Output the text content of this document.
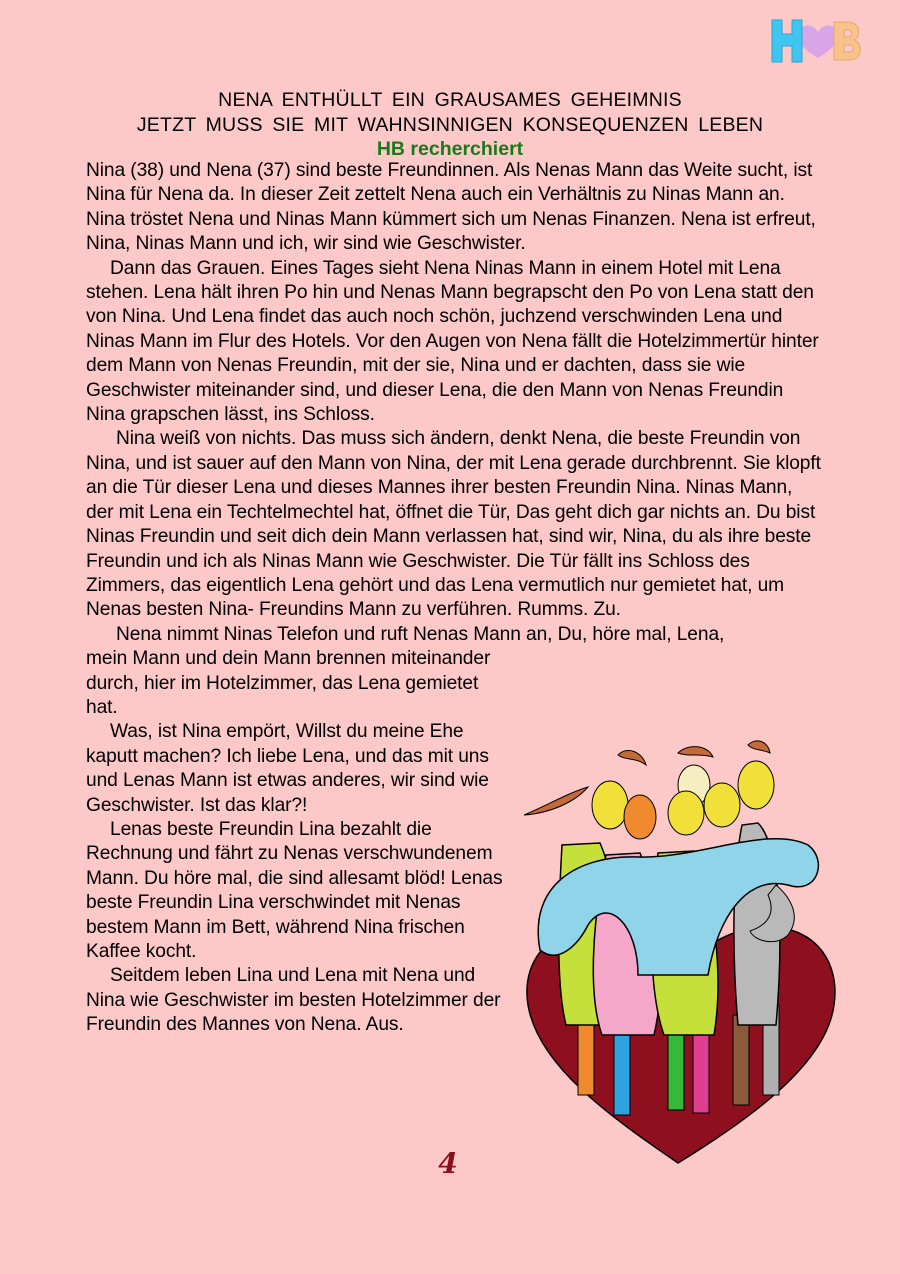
NENA ENTHÜLLT EIN GRAUSAMES GEHEIMNIS
JETZT MUSS SIE MIT WAHNSINNIGEN KONSEQUENZEN LEBEN
HB recherchiert

Nina (38) und Nena (37) sind beste Freundinnen. Als Nenas Mann das Weite sucht, ist Nina für Nena da. In dieser Zeit zettelt Nena auch ein Verhältnis zu Ninas Mann an. Nina tröstet Nena und Ninas Mann kümmert sich um Nenas Finanzen. Nena ist erfreut, Nina, Ninas Mann und ich, wir sind wie Geschwister.

Dann das Grauen. Eines Tages sieht Nena Ninas Mann in einem Hotel mit Lena stehen. Lena hält ihren Po hin und Nenas Mann begrapscht den Po von Lena statt den von Nina. Und Lena findet das auch noch schön, juchzend verschwinden Lena und Ninas Mann im Flur des Hotels. Vor den Augen von Nena fällt die Hotelzimmertür hinter dem Mann von Nenas Freundin, mit der sie, Nina und er dachten, dass sie wie Geschwister miteinander sind, und dieser Lena, die den Mann von Nenas Freundin Nina grapschen lässt, ins Schloss.

Nina weiß von nichts. Das muss sich ändern, denkt Nena, die beste Freundin von Nina, und ist sauer auf den Mann von Nina, der mit Lena gerade durchbrennt. Sie klopft an die Tür dieser Lena und dieses Mannes ihrer besten Freundin Nina. Ninas Mann, der mit Lena ein Techtelmechtel hat, öffnet die Tür, Das geht dich gar nichts an. Du bist Ninas Freundin und seit dich dein Mann verlassen hat, sind wir, Nina, du als ihre beste Freundin und ich als Ninas Mann wie Geschwister. Die Tür fällt ins Schloss des Zimmers, das eigentlich Lena gehört und das Lena vermutlich nur gemietet hat, um Nenas besten Nina- Freundins Mann zu verführen. Rumms. Zu.

Nena nimmt Ninas Telefon und ruft Nenas Mann an, Du, höre mal, Lena,

mein Mann und dein Mann brennen miteinander durch, hier im Hotelzimmer, das Lena gemietet hat.

Was, ist Nina empört, Willst du meine Ehe kaputt machen? Ich liebe Lena, und das mit uns und Lenas Mann ist etwas anderes, wir sind wie Geschwister. Ist das klar?!

Lenas beste Freundin Lina bezahlt die Rechnung und fährt zu Nenas verschwundenem Mann. Du höre mal, die sind allesamt blöd! Lenas beste Freundin Lina verschwindet mit Nenas bestem Mann im Bett, während Nina frischen Kaffee kocht.

Seitdem leben Lina und Lena mit Nena und Nina wie Geschwister im besten Hotelzimmer der Freundin des Mannes von Nena. Aus.

4
